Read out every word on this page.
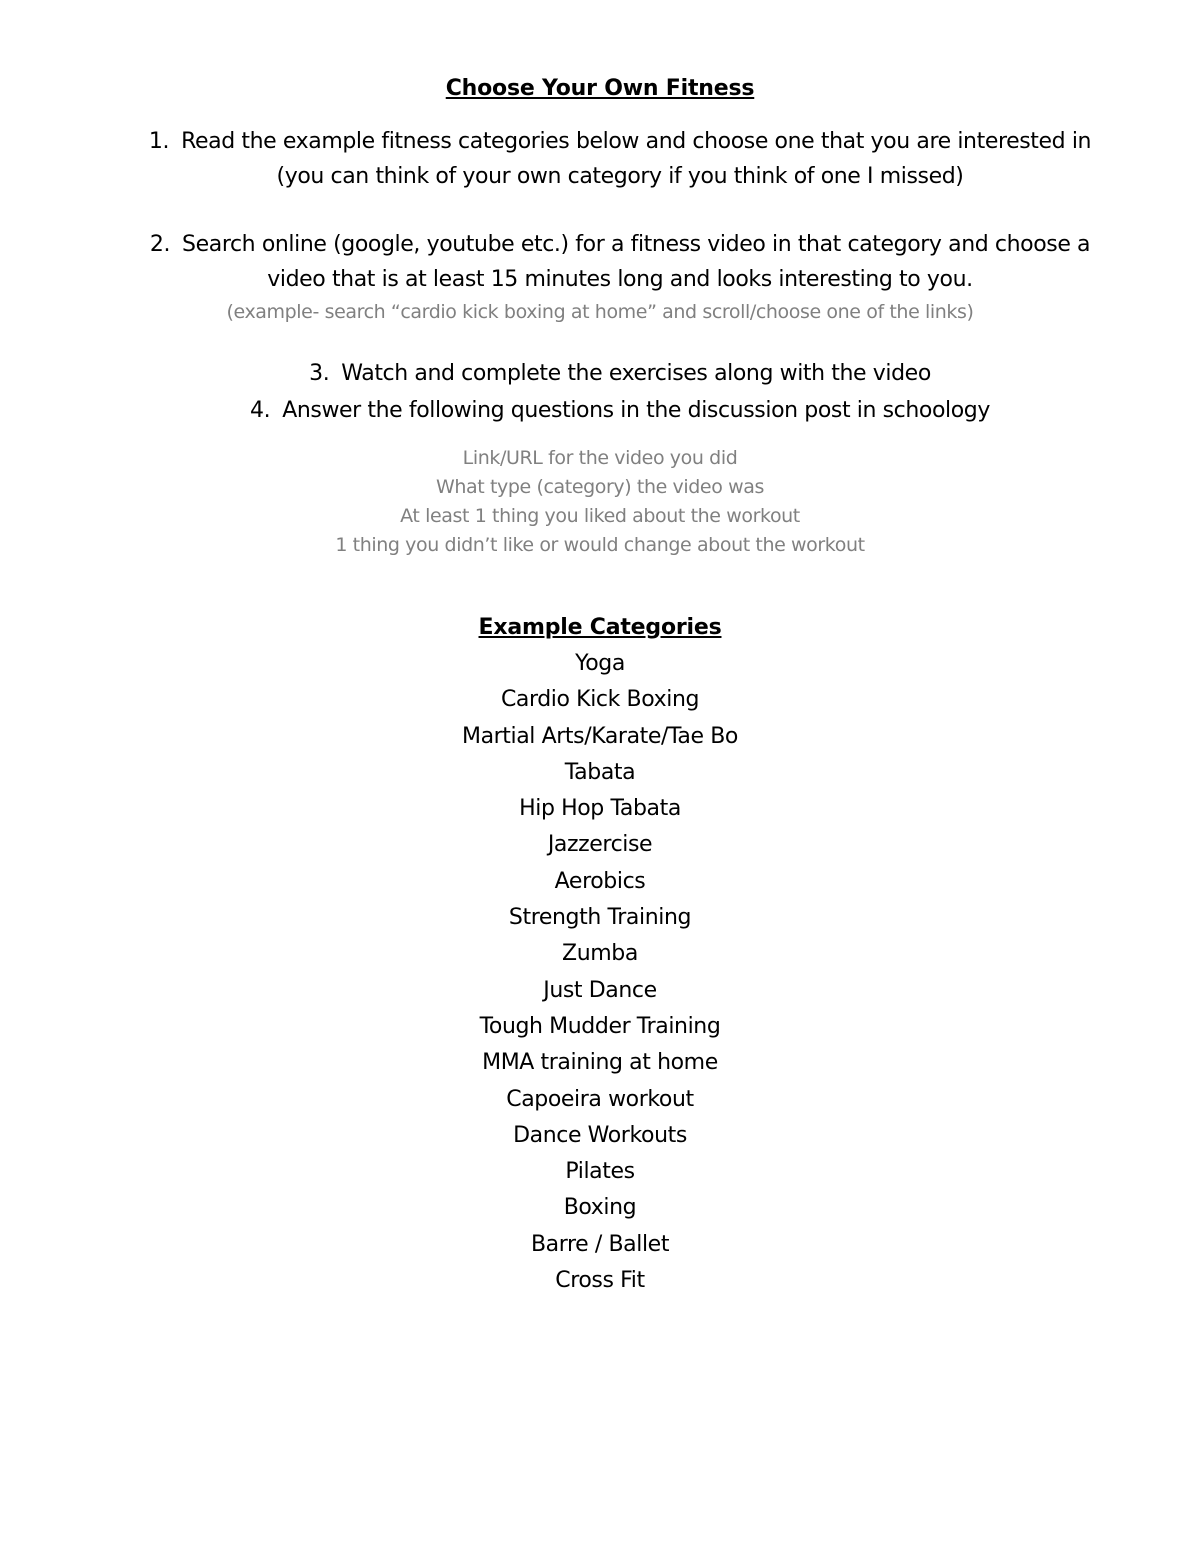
Choose Your Own Fitness
1. Read the example fitness categories below and choose one that you are interested in
(you can think of your own category if you think of one I missed)
2. Search online (google, youtube etc.) for a fitness video in that category and choose a
video that is at least 15 minutes long and looks interesting to you.
(example- search “cardio kick boxing at home” and scroll/choose one of the links)
3. Watch and complete the exercises along with the video
4. Answer the following questions in the discussion post in schoology
Link/URL for the video you did
What type (category) the video was
At least 1 thing you liked about the workout
1 thing you didn’t like or would change about the workout
Example Categories
Yoga
Cardio Kick Boxing
Martial Arts/Karate/Tae Bo
Tabata
Hip Hop Tabata
Jazzercise
Aerobics
Strength Training
Zumba
Just Dance
Tough Mudder Training
MMA training at home
Capoeira workout
Dance Workouts
Pilates
Boxing
Barre / Ballet
Cross Fit
